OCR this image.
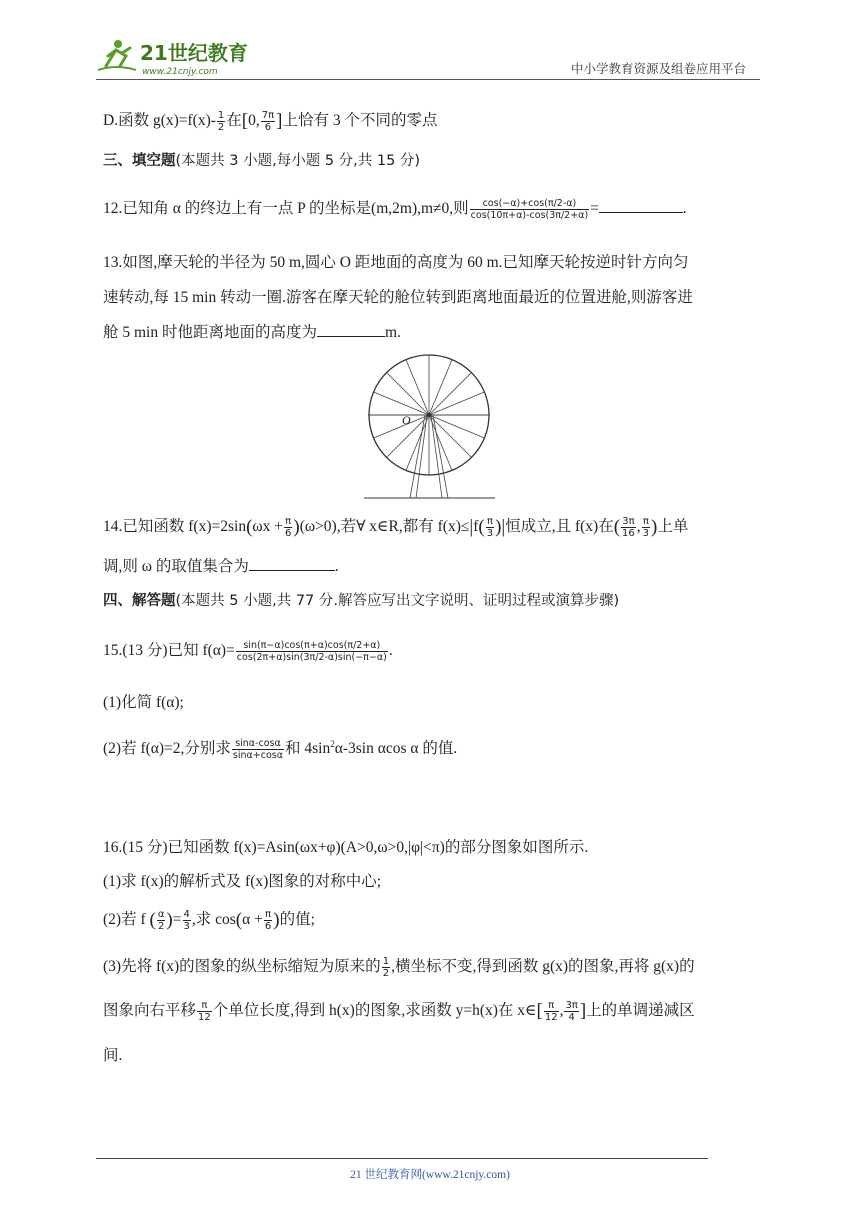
21世纪教育
www.21cnjy.com	中小学教育资源及组卷应用平台
D.函数 $g(x)=f(x)- \frac{1}{2}$ 在[0, $\frac{7\pi}{6}$ ]上恰有 3 个不同的零点
三、填空题(本题共 3 小题,每小题 5 分,共 15 分)
12.已知角 α 的终边上有一点 P 的坐标是(m,2m),m≠0,则 $\frac{\cos(-\alpha)+\cos(\pi/2-\alpha)}{\cos(10\pi+\alpha)-\cos(3\pi/2+\alpha)}$ =	.
13.如图,摩天轮的半径为 50 m,圆心 O 距地面的高度为 60 m.已知摩天轮按逆时针方向匀
速转动,每 15 min 转动一圈.游客在摩天轮的舱位转到距离地面最近的位置进舱,则游客进
舱 5 min 时他距离地面的高度为	m.
O
14.已知函数 $f(x)=2\sin(\omega x + \frac{\pi}{6} )(\omega>0)$,若∀ x∈R,都有 $f(x)\le|f( \frac{\pi}{3}$ )|恒成立,且 f(x)在( $\frac{3\pi}{16}$ , $\frac{\pi}{3}$ )上单
调,则 ω 的取值集合为	.
四、解答题(本题共 5 小题,共 77 分.解答应写出文字说明、证明过程或演算步骤)
15.(13 分)已知 $f(\alpha)= \frac{\sin(\pi-\alpha)\cos(\pi+\alpha)\cos(\pi/2+\alpha)}{\cos(2\pi+\alpha)\sin(3\pi/2-\alpha)\sin(-\pi-\alpha)}$ .
(1)化简 f(α);
(2)若 f(α)=2,分别求 $\frac{\sin\alpha-\cos\alpha}{\sin\alpha+\cos\alpha}$ 和 $4\sin^2\alpha-3\sin$ αcos α 的值.
16.(15 分)已知函数 f(x)=Asin(ωx+φ)(A>0,ω>0,|φ|<π)的部分图象如图所示.
(1)求 f(x)的解析式及 f(x)图象的对称中心;
(2)若 f ( $\frac{\alpha}{2}$ )= $\frac{4}{3}$ ,求 $\cos(\alpha + \frac{\pi}{6}$ )的值;
(3)先将 f(x)的图象的纵坐标缩短为原来的 $\frac{1}{2}$ ,横坐标不变,得到函数 g(x)的图象,再将 g(x)的
图象向右平移 $\frac{\pi}{12}$ 个单位长度,得到 h(x)的图象,求函数 y=h(x)在 x∈[ $\frac{\pi}{12}$ , $\frac{3\pi}{4}$ ]上的单调递减区
间.
21 世纪教育网(www.21cnjy.com)
